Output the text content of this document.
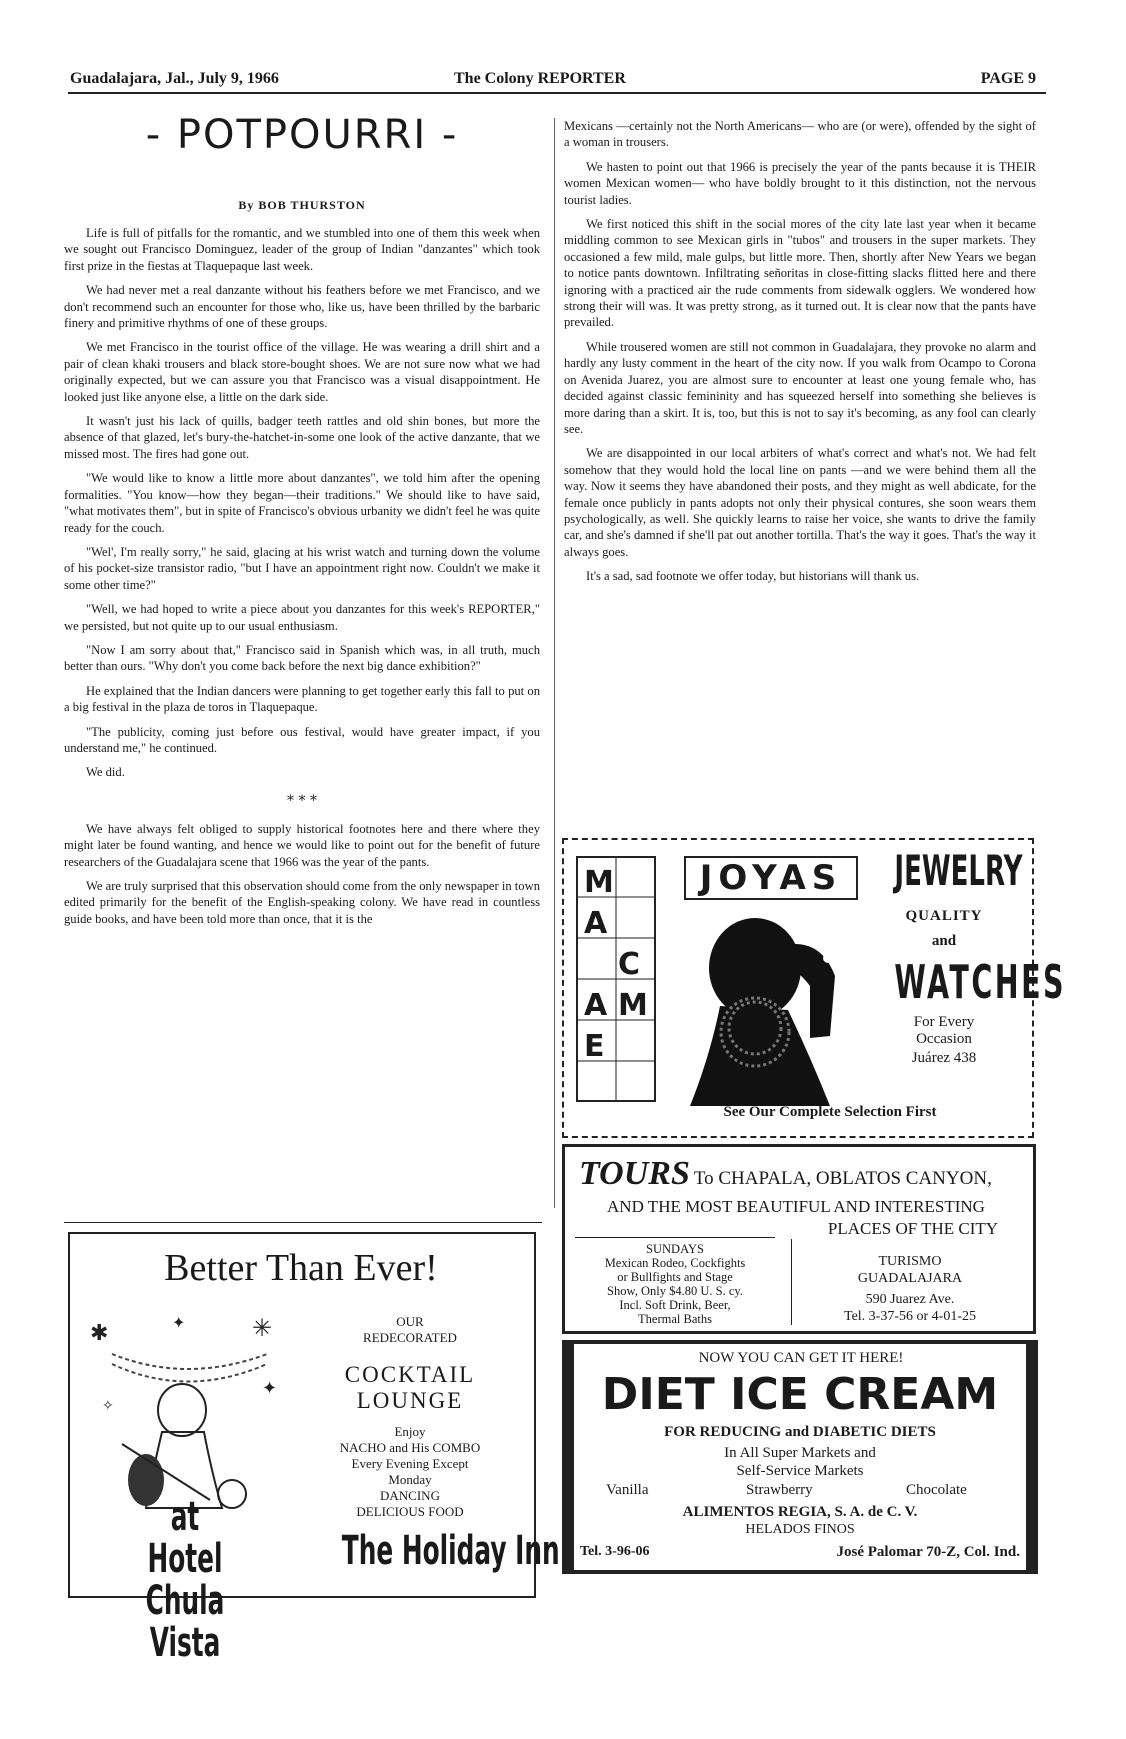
Guadalajara, Jal., July 9, 1966	The Colony REPORTER	PAGE 9
- POTPOURRI -
By BOB THURSTON

Life is full of pitfalls for the romantic, and we stumbled into one of them this week when we sought out Francisco Dominguez, leader of the group of Indian "danzantes" which took first prize in the fiestas at Tlaquepaque last week.

We had never met a real danzante without his feathers before we met Francisco, and we don't recommend such an encounter for those who, like us, have been thrilled by the barbaric finery and primitive rhythms of one of these groups.

We met Francisco in the tourist office of the village. He was wearing a drill shirt and a pair of clean khaki trousers and black store-bought shoes. We are not sure now what we had originally expected, but we can assure you that Francisco was a visual disappointment. He looked just like anyone else, a little on the dark side.

It wasn't just his lack of quills, badger teeth rattles and old shin bones, but more the absence of that glazed, let's bury-the-hatchet-in-some one look of the active danzante, that we missed most. The fires had gone out.

"We would like to know a little more about danzantes", we told him after the opening formalities. "You know—how they began—their traditions." We should like to have said, "what motivates them", but in spite of Francisco's obvious urbanity we didn't feel he was quite ready for the couch.

"Wel', I'm really sorry," he said, glacing at his wrist watch and turning down the volume of his pocket-size transistor radio, "but I have an appointment right now. Couldn't we make it some other time?"

"Well, we had hoped to write a piece about you danzantes for this week's REPORTER," we persisted, but not quite up to our usual enthusiasm.

"Now I am sorry about that," Francisco said in Spanish which was, in all truth, much better than ours. "Why don't you come back before the next big dance exhibition?"

He explained that the Indian dancers were planning to get together early this fall to put on a big festival in the plaza de toros in Tlaquepaque.

"The publicity, coming just before ous festival, would have greater impact, if you understand me," he continued.

We did.

* * *

We have always felt obliged to supply historical footnotes here and there where they might later be found wanting, and hence we would like to point out for the benefit of future researchers of the Guadalajara scene that 1966 was the year of the pants.

We are truly surprised that this observation should come from the only newspaper in town edited primarily for the benefit of the English-speaking colony. We have read in countless guide books, and have been told more than once, that it is the

Mexicans —certainly not the North Americans— who are (or were), offended by the sight of a woman in trousers.

We hasten to point out that 1966 is precisely the year of the pants because it is THEIR women Mexican women— who have boldly brought to it this distinction, not the nervous tourist ladies.

We first noticed this shift in the social mores of the city late last year when it became middling common to see Mexican girls in "tubos" and trousers in the super markets. They occasioned a few mild, male gulps, but little more. Then, shortly after New Years we began to notice pants downtown. Infiltrating señoritas in close-fitting slacks flitted here and there ignoring with a practiced air the rude comments from sidewalk ogglers. We wondered how strong their will was. It was pretty strong, as it turned out. It is clear now that the pants have prevailed.

While trousered women are still not common in Guadalajara, they provoke no alarm and hardly any lusty comment in the heart of the city now. If you walk from Ocampo to Corona on Avenida Juarez, you are almost sure to encounter at least one young female who, has decided against classic femininity and has squeezed herself into something she believes is more daring than a skirt. It is, too, but this is not to say it's becoming, as any fool can clearly see.

We are disappointed in our local arbiters of what's correct and what's not. We had felt somehow that they would hold the local line on pants —and we were behind them all the way. Now it seems they have abandoned their posts, and they might as well abdicate, for the female once publicly in pants adopts not only their physical contures, she soon wears them psychologically, as well. She quickly learns to raise her voice, she wants to drive the family car, and she's damned if she'll pat out another tortilla. That's the way it goes. That's the way it always goes.

It's a sad, sad footnote we offer today, but historians will thank us.

M
A
C
A M
E
JOYAS	JEWELRY
QUALITY
and
WATCHES
For Every
Occasion
Juárez 438
See Our Complete Selection First
TOURS To CHAPALA, OBLATOS CANYON,
AND THE MOST BEAUTIFUL AND INTERESTING
PLACES OF THE CITY
SUNDAYS
Mexican Rodeo, Cockfights
or Bullfights and Stage
Show, Only $4.80 U. S. cy.
Incl. Soft Drink, Beer,
Thermal Baths
TURISMO
GUADALAJARA
590 Juarez Ave.
Tel. 3-37-56 or 4-01-25
NOW YOU CAN GET IT HERE!
DIET ICE CREAM
FOR REDUCING and DIABETIC DIETS
In All Super Markets and
Self-Service Markets
Vanilla	Strawberry	Chocolate
ALIMENTOS REGIA, S. A. de C. V.
HELADOS FINOS
Tel. 3-96-06	José Palomar 70-Z, Col. Ind.
Better Than Ever!
✱	✳
✦
✦
✧
at Hotel
Chula Vista
OUR
REDECORATED
COCKTAIL
LOUNGE
Enjoy
NACHO and His COMBO
Every Evening Except
Monday
DANCING
DELICIOUS FOOD
The Holiday Inn
